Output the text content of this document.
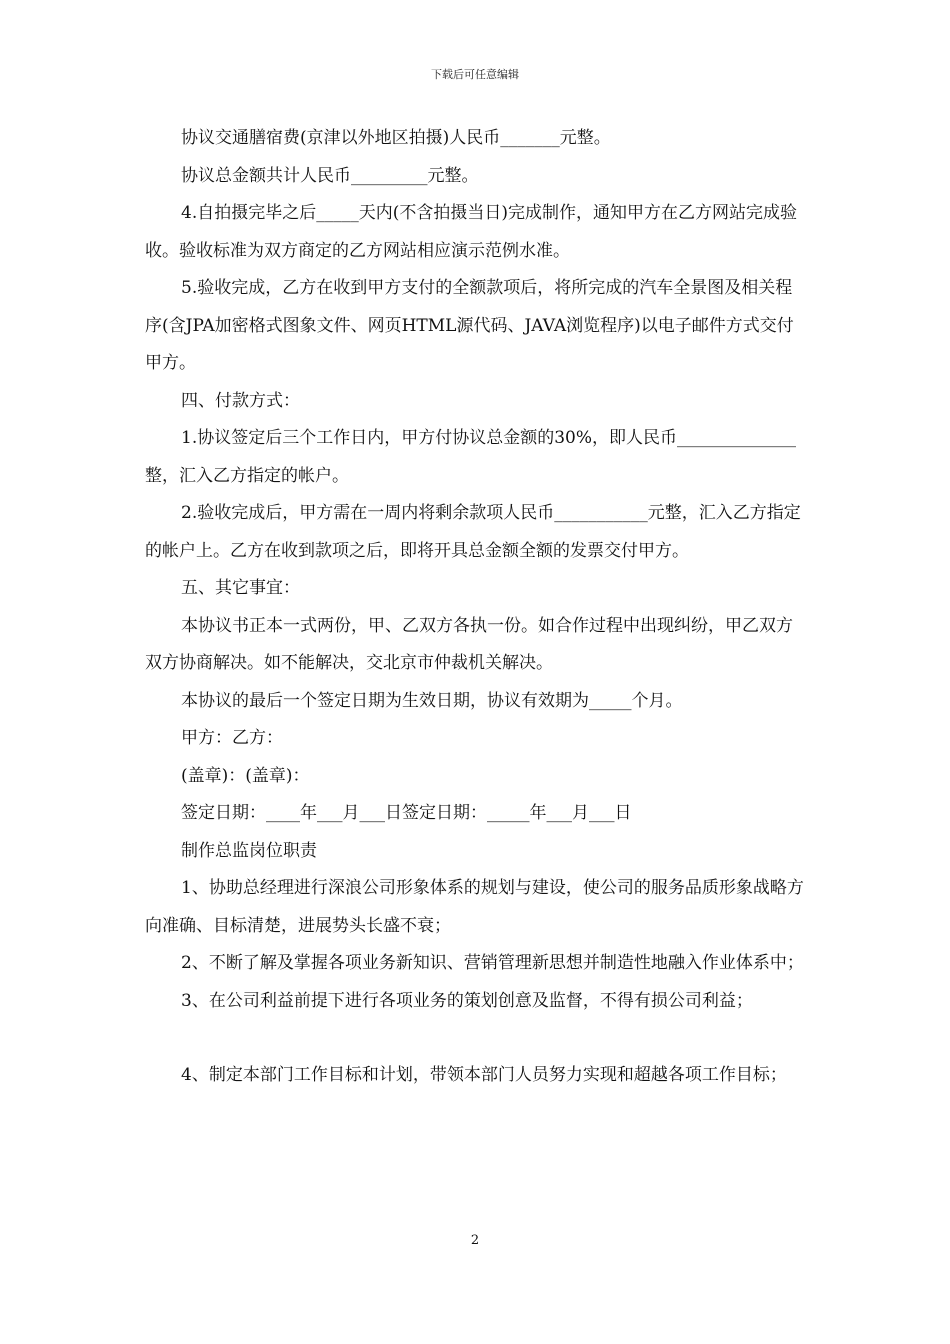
下载后可任意编辑

协议交通膳宿费(京津以外地区拍摄)人民币_______元整。

协议总金额共计人民币_________元整。

4.自拍摄完毕之后_____天内(不含拍摄当日)完成制作，通知甲方在乙方网站完成验收。验收标准为双方商定的乙方网站相应演示范例水准。

5.验收完成，乙方在收到甲方支付的全额款项后，将所完成的汽车全景图及相关程序(含JPA加密格式图象文件、网页HTML源代码、JAVA浏览程序)以电子邮件方式交付甲方。

四、付款方式：

1.协议签定后三个工作日内，甲方付协议总金额的30%，即人民币______________整，汇入乙方指定的帐户。

2.验收完成后，甲方需在一周内将剩余款项人民币___________元整，汇入乙方指定的帐户上。乙方在收到款项之后，即将开具总金额全额的发票交付甲方。

五、其它事宜：

本协议书正本一式两份，甲、乙双方各执一份。如合作过程中出现纠纷，甲乙双方双方协商解决。如不能解决，交北京市仲裁机关解决。

本协议的最后一个签定日期为生效日期，协议有效期为_____个月。

甲方：乙方：

(盖章)：(盖章)：

签定日期：____年___月___日签定日期：_____年___月___日

制作总监岗位职责

1、协助总经理进行深浪公司形象体系的规划与建设，使公司的服务品质形象战略方向准确、目标清楚，进展势头长盛不衰；

2、不断了解及掌握各项业务新知识、营销管理新思想并制造性地融入作业体系中；

3、在公司利益前提下进行各项业务的策划创意及监督，不得有损公司利益；

4、制定本部门工作目标和计划，带领本部门人员努力实现和超越各项工作目标；

2
